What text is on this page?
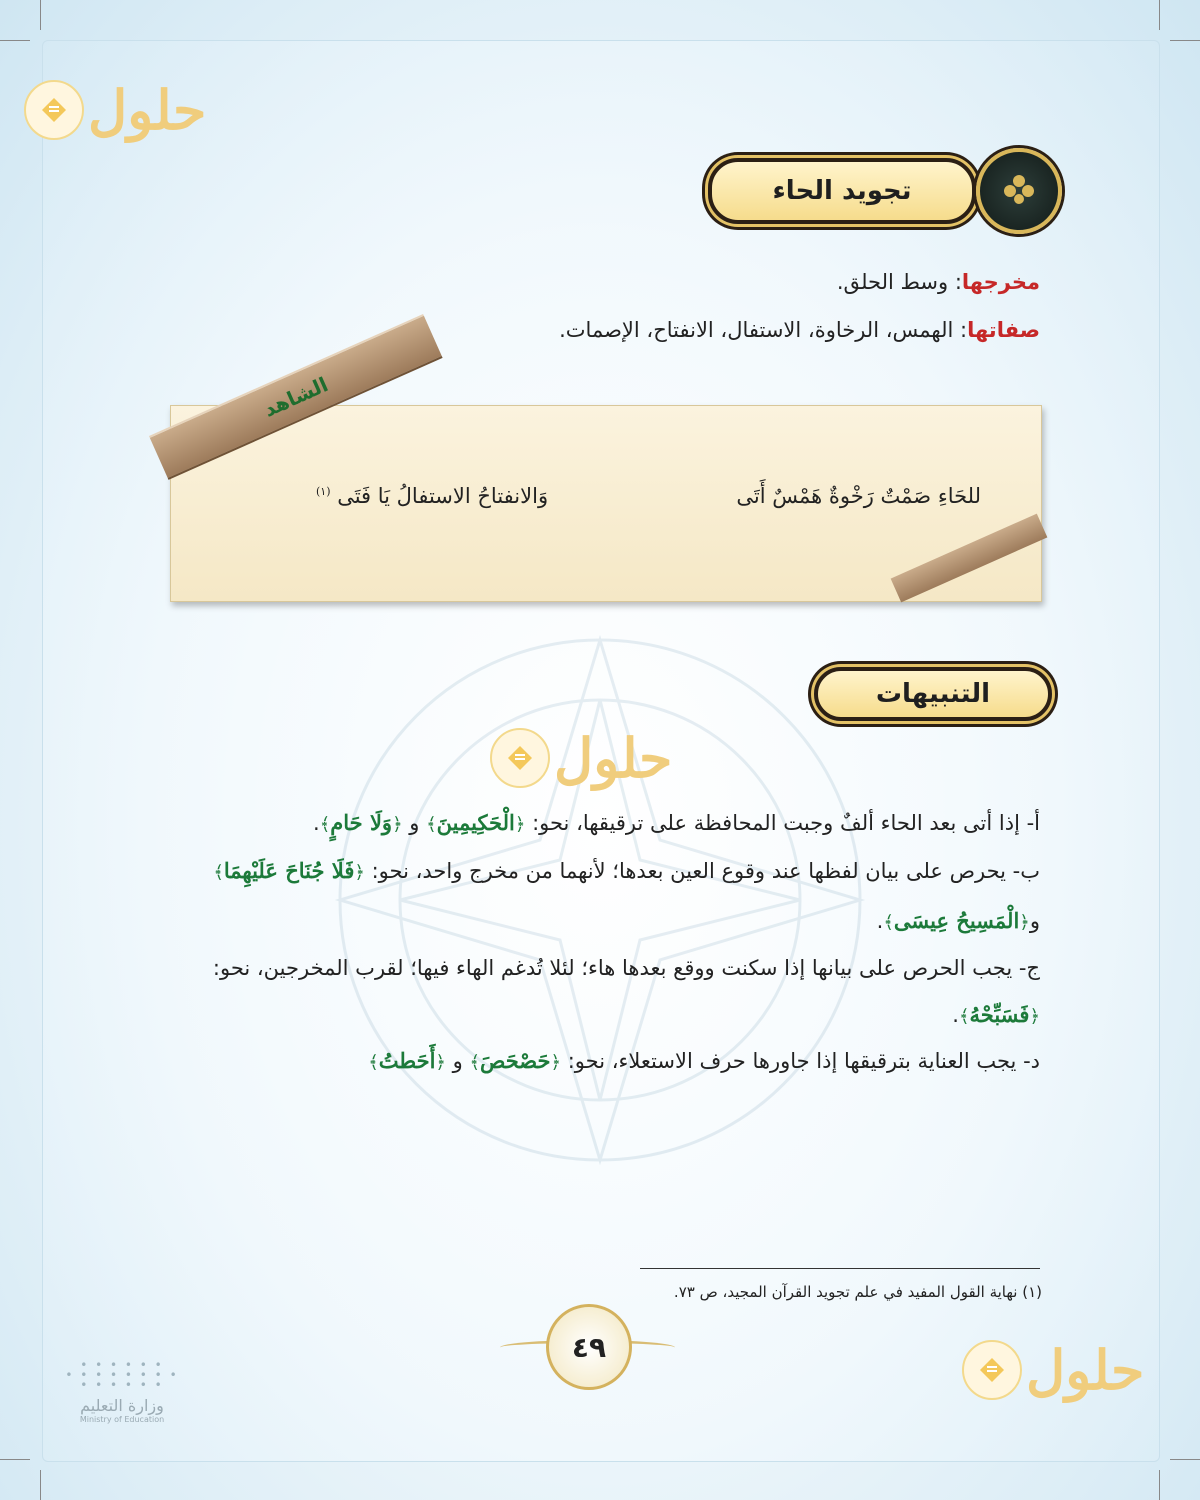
حلول
حلول
حلول
تجويد الحاء
مخرجها: وسط الحلق.
صفاتها: الهمس، الرخاوة، الاستفال، الانفتاح، الإصمات.
الشاهد
للحَاءِ صَمْتٌ رَخْوةٌ هَمْسٌ أَتَى
وَالانفتاحُ الاستفالُ يَا فَتَى $^{(١)}$
التنبيهات
أ- إذا أتى بعد الحاء ألفٌ وجبت المحافظة على ترقيقها، نحو: ﴿الْحَكِيمِينَ﴾ و ﴿وَلَا حَامٍ﴾.
ب- يحرص على بيان لفظها عند وقوع العين بعدها؛ لأنهما من مخرج واحد، نحو: ﴿فَلَا جُنَاحَ عَلَيْهِمَا﴾
و﴿الْمَسِيحُ عِيسَى﴾.
ج- يجب الحرص على بيانها إذا سكنت ووقع بعدها هاء؛ لئلا تُدغم الهاء فيها؛ لقرب المخرجين، نحو:
﴿فَسَبِّحْهُ﴾.
د- يجب العناية بترقيقها إذا جاورها حرف الاستعلاء، نحو: ﴿حَصْحَصَ﴾ و ﴿أَحَطتُ﴾
(١) نهاية القول المفيد في علم تجويد القرآن المجيد، ص ٧٣.
٤٩
• • • • • •
• • • • • • • •
• • • • • •
وزارة التعليم
Ministry of Education
